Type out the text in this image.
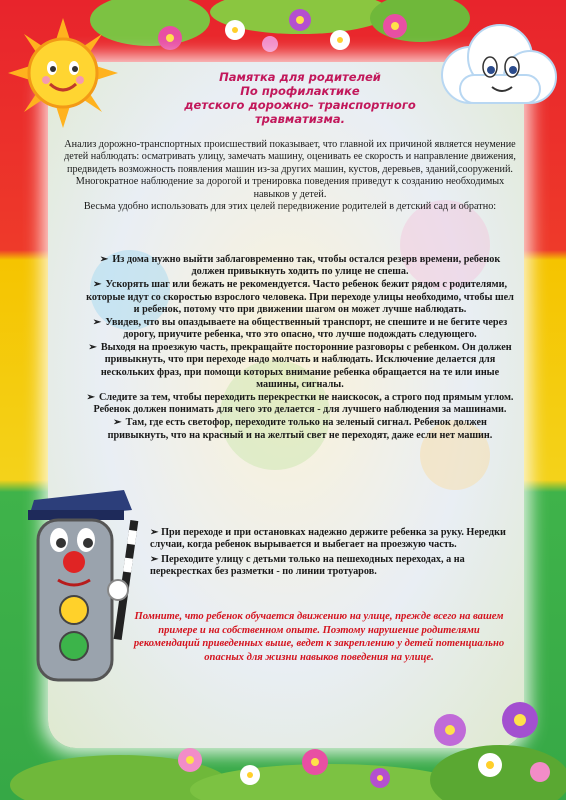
Памятка для родителей
По профилактике
детского дорожно- транспортного травматизма.

Анализ дорожно-транспортных происшествий показывает, что главной их причиной является неумение детей наблюдать: осматривать улицу, замечать машину, оценивать ее скорость и направление движения, предвидеть возможность появления машин из-за других машин, кустов, деревьев, зданий,сооружений.

Многократное наблюдение за дорогой и тренировка поведения приведут к созданию необходимых навыков у детей.

Весьма удобно использовать для этих целей передвижение родителей в детский сад и обратно:

➢ Из дома нужно выйти заблаговременно так, чтобы остался резерв времени, ребенок должен привыкнуть ходить по улице не спеша.
➢ Ускорять шаг или бежать не рекомендуется. Часто ребенок бежит рядом с родителями, которые идут со скоростью взрослого человека. При переходе улицы необходимо, чтобы шел и ребенок, потому что при движении шагом он может лучше наблюдать.
➢ Увидев, что вы опаздываете на общественный транспорт, не спешите и не бегите через дорогу, приучите ребенка, что это опасно, что лучше подождать следующего.
➢ Выходя на проезжую часть, прекращайте посторонние разговоры с ребенком. Он должен привыкнуть, что при переходе надо молчать и наблюдать. Исключение делается для нескольких фраз, при помощи которых внимание ребенка обращается на те или иные машины, сигналы.
➢ Следите за тем, чтобы переходить перекрестки не наискосок, а строго под прямым углом. Ребенок должен понимать для чего это делается - для лучшего наблюдения за машинами.
➢ Там, где есть светофор, переходите только на зеленый сигнал. Ребенок должен привыкнуть, что на красный и на желтый свет не переходят, даже если нет машин.
➢ При переходе и при остановках надежно держите ребенка за руку. Нередки случаи, когда ребенок вырывается и выбегает на проезжую часть.
➢ Переходите улицу с детьми только на пешеходных переходах, а на перекрестках без разметки - по линии тротуаров.

Помните, что ребенок обучается движению на улице, прежде всего на вашем примере и на собственном опыте. Поэтому нарушение родителями рекомендаций приведенных выше, ведет к закреплению у детей потенциально опасных для жизни навыков поведения на улице.
